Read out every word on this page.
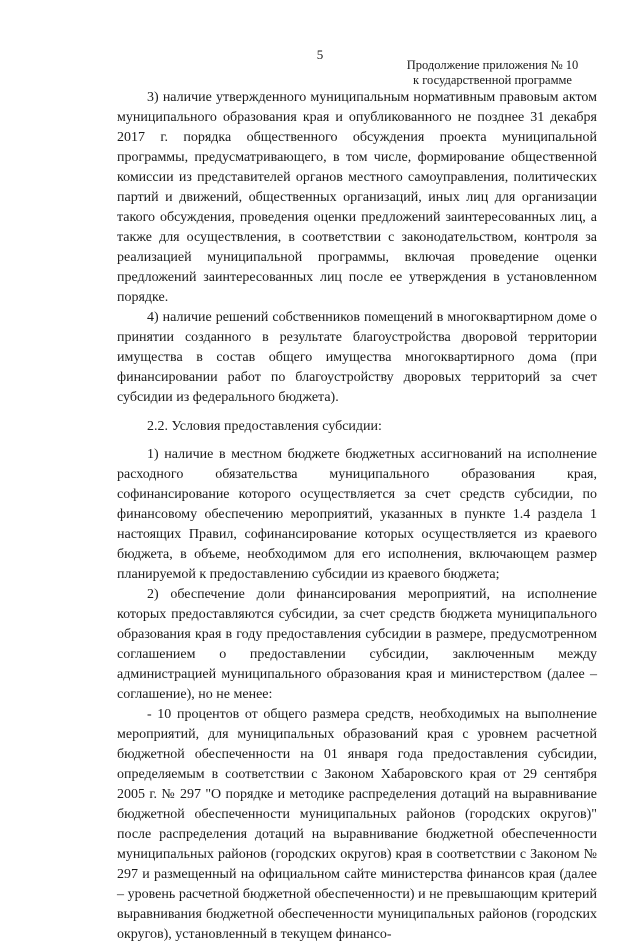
5
Продолжение приложения № 10
к государственной программе

3) наличие утвержденного муниципальным нормативным правовым актом муниципального образования края и опубликованного не позднее 31 декабря 2017 г. порядка общественного обсуждения проекта муниципальной программы, предусматривающего, в том числе, формирование общественной комиссии из представителей органов местного самоуправления, политических партий и движений, общественных организаций, иных лиц для организации такого обсуждения, проведения оценки предложений заинтересованных лиц, а также для осуществления, в соответствии с законодательством, контроля за реализацией муниципальной программы, включая проведение оценки предложений заинтересованных лиц после ее утверждения в установленном порядке.

4) наличие решений собственников помещений в многоквартирном доме о принятии созданного в результате благоустройства дворовой территории имущества в состав общего имущества многоквартирного дома (при финансировании работ по благоустройству дворовых территорий за счет субсидии из федерального бюджета).

2.2. Условия предоставления субсидии:

1) наличие в местном бюджете бюджетных ассигнований на исполнение расходного обязательства муниципального образования края, софинансирование которого осуществляется за счет средств субсидии, по финансовому обеспечению мероприятий, указанных в пункте 1.4 раздела 1 настоящих Правил, софинансирование которых осуществляется из краевого бюджета, в объеме, необходимом для его исполнения, включающем размер планируемой к предоставлению субсидии из краевого бюджета;

2) обеспечение доли финансирования мероприятий, на исполнение которых предоставляются субсидии, за счет средств бюджета муниципального образования края в году предоставления субсидии в размере, предусмотренном соглашением о предоставлении субсидии, заключенным между администрацией муниципального образования края и министерством (далее – соглашение), но не менее:

- 10 процентов от общего размера средств, необходимых на выполнение мероприятий, для муниципальных образований края с уровнем расчетной бюджетной обеспеченности на 01 января года предоставления субсидии, определяемым в соответствии с Законом Хабаровского края от 29 сентября 2005 г. № 297 "О порядке и методике распределения дотаций на выравнивание бюджетной обеспеченности муниципальных районов (городских округов)" после распределения дотаций на выравнивание бюджетной обеспеченности муниципальных районов (городских округов) края в соответствии с Законом № 297 и размещенный на официальном сайте министерства финансов края (далее – уровень расчетной бюджетной обеспеченности) и не превышающим критерий выравнивания бюджетной обеспеченности муниципальных районов (городских округов), установленный в текущем финансо-
